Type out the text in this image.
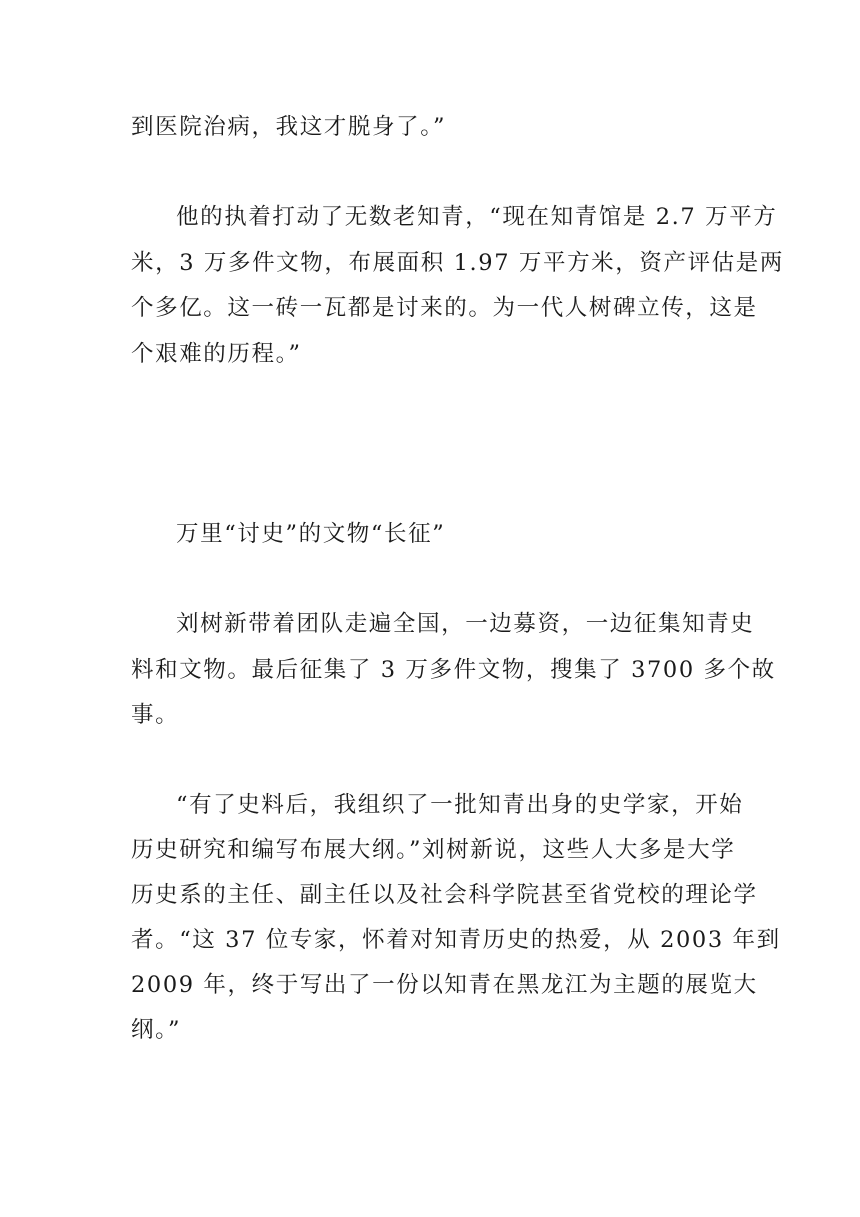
到医院治病，我这才脱身了。”
他的执着打动了无数老知青，“现在知青馆是 2.7 万平方
米，3 万多件文物，布展面积 1.97 万平方米，资产评估是两
个多亿。这一砖一瓦都是讨来的。为一代人树碑立传，这是
个艰难的历程。”
万里“讨史”的文物“长征”
刘树新带着团队走遍全国，一边募资，一边征集知青史
料和文物。最后征集了 3 万多件文物，搜集了 3700 多个故
事。
“有了史料后，我组织了一批知青出身的史学家，开始
历史研究和编写布展大纲。”刘树新说，这些人大多是大学
历史系的主任、副主任以及社会科学院甚至省党校的理论学
者。“这 37 位专家，怀着对知青历史的热爱，从 2003 年到
2009 年，终于写出了一份以知青在黑龙江为主题的展览大
纲。”
